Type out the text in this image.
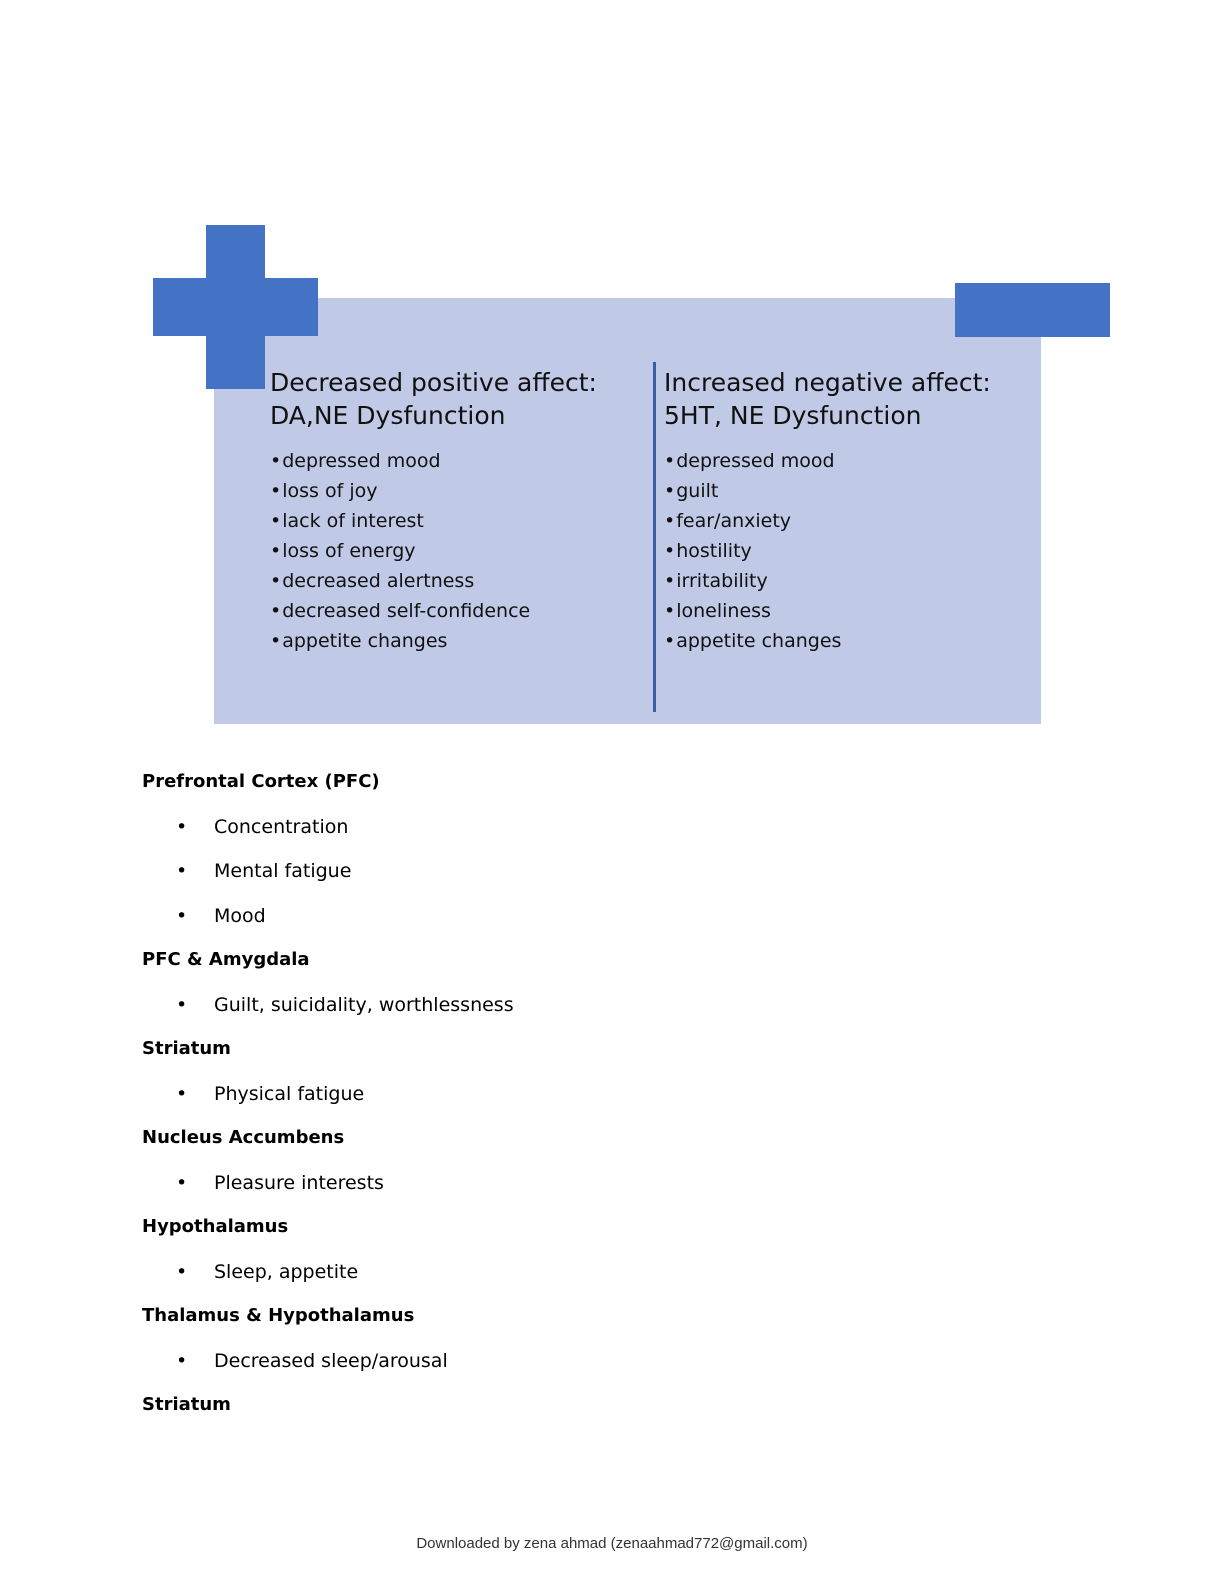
Decreased positive affect:
DA,NE Dysfunction
•depressed mood
•loss of joy
•lack of interest
•loss of energy
•decreased alertness
•decreased self-confidence
•appetite changes
Increased negative affect:
5HT, NE Dysfunction
•depressed mood
•guilt
•fear/anxiety
•hostility
•irritability
•loneliness
•appetite changes
Prefrontal Cortex (PFC)
• Concentration
• Mental fatigue
• Mood
PFC & Amygdala
• Guilt, suicidality, worthlessness
Striatum
• Physical fatigue
Nucleus Accumbens
• Pleasure interests
Hypothalamus
• Sleep, appetite
Thalamus & Hypothalamus
• Decreased sleep/arousal
Striatum
Downloaded by zena ahmad (zenaahmad772@gmail.com)
